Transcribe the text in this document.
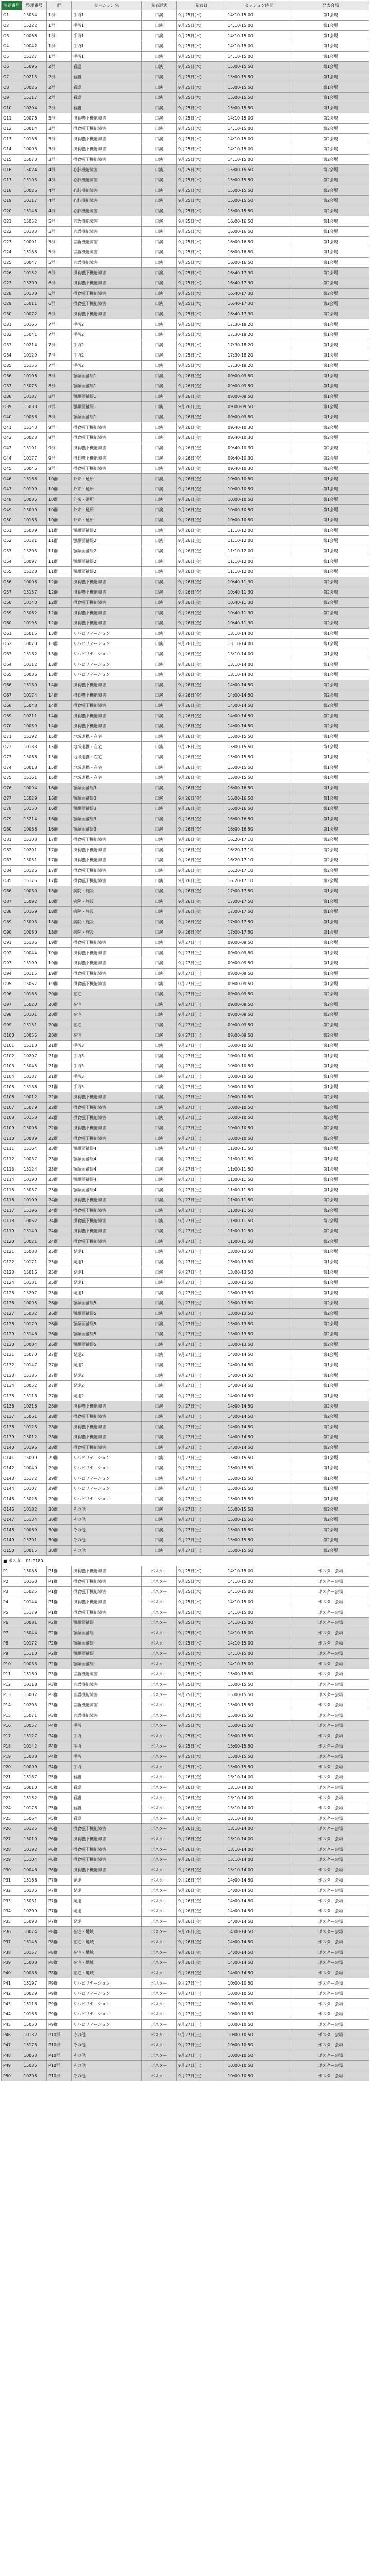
演題番号	整理番号	群	セッション名	発表形式	発表日	セッション時間	発表会場
O1	15054	1群	手術1	口演	9月25日(木)	14:10-15:00	第1会場
O2	15222	1群	手術1	口演	9月25日(木)	14:10-15:00	第1会場
O3	10066	1群	手術1	口演	9月25日(木)	14:10-15:00	第1会場
O4	10042	1群	手術1	口演	9月25日(木)	14:10-15:00	第1会場
O5	15127	1群	手術1	口演	9月25日(木)	14:10-15:00	第1会場
O6	15096	2群	看護	口演	9月25日(木)	15:00-15:50	第1会場
O7	10213	2群	看護	口演	9月25日(木)	15:00-15:50	第1会場
O8	10026	2群	看護	口演	9月25日(木)	15:00-15:50	第1会場
O9	15117	2群	看護	口演	9月25日(木)	15:00-15:50	第1会場
O10	10204	2群	看護	口演	9月25日(木)	15:00-15:50	第1会場
O11	10076	3群	摂食嚥下機能障害	口演	9月25日(木)	14:10-15:00	第2会場
O12	10014	3群	摂食嚥下機能障害	口演	9月25日(木)	14:10-15:00	第2会場
O13	10166	3群	摂食嚥下機能障害	口演	9月25日(木)	14:10-15:00	第2会場
O14	10003	3群	摂食嚥下機能障害	口演	9月25日(木)	14:10-15:00	第2会場
O15	15073	3群	摂食嚥下機能障害	口演	9月25日(木)	14:10-15:00	第2会場
O16	15024	4群	心肺機能障害	口演	9月25日(木)	15:00-15:50	第2会場
O17	15103	4群	心肺機能障害	口演	9月25日(木)	15:00-15:50	第2会場
O18	10026	4群	心肺機能障害	口演	9月25日(木)	15:00-15:50	第2会場
O19	10117	4群	心肺機能障害	口演	9月25日(木)	15:00-15:50	第2会場
O20	15146	4群	心肺機能障害	口演	9月25日(木)	15:00-15:50	第2会場
O21	15052	5群	言語機能障害	口演	9月25日(木)	16:00-16:50	第1会場
O22	10183	5群	言語機能障害	口演	9月25日(木)	16:00-16:50	第1会場
O23	10091	5群	言語機能障害	口演	9月25日(木)	16:00-16:50	第1会場
O24	15188	5群	言語機能障害	口演	9月25日(木)	16:00-16:50	第1会場
O25	10047	5群	言語機能障害	口演	9月25日(木)	16:00-16:50	第1会場
O26	10152	6群	摂食嚥下機能障害	口演	9月25日(木)	16:40-17:30	第2会場
O27	15209	6群	摂食嚥下機能障害	口演	9月25日(木)	16:40-17:30	第2会場
O28	10138	6群	摂食嚥下機能障害	口演	9月25日(木)	16:40-17:30	第2会場
O29	15011	6群	摂食嚥下機能障害	口演	9月25日(木)	16:40-17:30	第2会場
O30	10072	6群	摂食嚥下機能障害	口演	9月25日(木)	16:40-17:30	第2会場
O31	10165	7群	手術2	口演	9月25日(木)	17:30-18:20	第1会場
O32	15041	7群	手術2	口演	9月25日(木)	17:30-18:20	第1会場
O33	10214	7群	手術2	口演	9月25日(木)	17:30-18:20	第1会場
O34	10129	7群	手術2	口演	9月25日(木)	17:30-18:20	第1会場
O35	15155	7群	手術2	口演	9月25日(木)	17:30-18:20	第1会場
O36	10106	8群	顎顔面補綴1	口演	9月26日(金)	09:00-09:50	第1会場
O37	15075	8群	顎顔面補綴1	口演	9月26日(金)	09:00-09:50	第1会場
O38	10187	8群	顎顔面補綴1	口演	9月26日(金)	09:00-09:50	第1会場
O39	15033	8群	顎顔面補綴1	口演	9月26日(金)	09:00-09:50	第1会場
O40	10058	8群	顎顔面補綴1	口演	9月26日(金)	09:00-09:50	第1会場
O41	15143	9群	摂食嚥下機能障害	口演	9月26日(金)	09:40-10:30	第2会場
O42	10023	9群	摂食嚥下機能障害	口演	9月26日(金)	09:40-10:30	第2会場
O43	15101	9群	摂食嚥下機能障害	口演	9月26日(金)	09:40-10:30	第2会場
O44	10177	9群	摂食嚥下機能障害	口演	9月26日(金)	09:40-10:30	第2会場
O45	10046	9群	摂食嚥下機能障害	口演	9月26日(金)	09:40-10:30	第2会場
O46	15168	10群	外来・通所	口演	9月26日(金)	10:00-10:50	第1会場
O47	10199	10群	外来・通所	口演	9月26日(金)	10:00-10:50	第1会場
O48	10085	10群	外来・通所	口演	9月26日(金)	10:00-10:50	第1会場
O49	15009	10群	外来・通所	口演	9月26日(金)	10:00-10:50	第1会場
O50	10163	10群	外来・通所	口演	9月26日(金)	10:00-10:50	第1会場
O51	15039	11群	顎顔面補綴2	口演	9月26日(金)	11:10-12:00	第1会場
O52	10121	11群	顎顔面補綴2	口演	9月26日(金)	11:10-12:00	第1会場
O53	15205	11群	顎顔面補綴2	口演	9月26日(金)	11:10-12:00	第1会場
O54	10097	11群	顎顔面補綴2	口演	9月26日(金)	11:10-12:00	第1会場
O55	15120	11群	顎顔面補綴2	口演	9月26日(金)	11:10-12:00	第1会場
O56	10008	12群	摂食嚥下機能障害	口演	9月26日(金)	10:40-11:30	第2会場
O57	15157	12群	摂食嚥下機能障害	口演	9月26日(金)	10:40-11:30	第2会場
O58	10140	12群	摂食嚥下機能障害	口演	9月26日(金)	10:40-11:30	第2会場
O59	15062	12群	摂食嚥下機能障害	口演	9月26日(金)	10:40-11:30	第2会場
O60	10195	12群	摂食嚥下機能障害	口演	9月26日(金)	10:40-11:30	第2会場
O61	15015	13群	リハビリテーション	口演	9月26日(金)	13:10-14:00	第1会場
O62	10070	13群	リハビリテーション	口演	9月26日(金)	13:10-14:00	第1会場
O63	15182	13群	リハビリテーション	口演	9月26日(金)	13:10-14:00	第1会場
O64	10112	13群	リハビリテーション	口演	9月26日(金)	13:10-14:00	第1会場
O65	10036	13群	リハビリテーション	口演	9月26日(金)	13:10-14:00	第1会場
O66	15130	14群	摂食嚥下機能障害	口演	9月26日(金)	14:00-14:50	第2会場
O67	10174	14群	摂食嚥下機能障害	口演	9月26日(金)	14:00-14:50	第2会場
O68	15048	14群	摂食嚥下機能障害	口演	9月26日(金)	14:00-14:50	第2会場
O69	10211	14群	摂食嚥下機能障害	口演	9月26日(金)	14:00-14:50	第2会場
O70	10059	14群	摂食嚥下機能障害	口演	9月26日(金)	14:00-14:50	第2会場
O71	15192	15群	地域連携・在宅	口演	9月26日(金)	15:00-15:50	第1会場
O72	10133	15群	地域連携・在宅	口演	9月26日(金)	15:00-15:50	第1会場
O73	15086	15群	地域連携・在宅	口演	9月26日(金)	15:00-15:50	第1会場
O74	10018	15群	地域連携・在宅	口演	9月26日(金)	15:00-15:50	第1会場
O75	15161	15群	地域連携・在宅	口演	9月26日(金)	15:00-15:50	第1会場
O76	10094	16群	顎顔面補綴3	口演	9月26日(金)	16:00-16:50	第1会場
O77	15029	16群	顎顔面補綴3	口演	9月26日(金)	16:00-16:50	第1会場
O78	10150	16群	顎顔面補綴3	口演	9月26日(金)	16:00-16:50	第1会場
O79	15214	16群	顎顔面補綴3	口演	9月26日(金)	16:00-16:50	第1会場
O80	10066	16群	顎顔面補綴3	口演	9月26日(金)	16:00-16:50	第1会場
O81	15108	17群	摂食嚥下機能障害	口演	9月26日(金)	16:20-17:10	第2会場
O82	10201	17群	摂食嚥下機能障害	口演	9月26日(金)	16:20-17:10	第2会場
O83	15051	17群	摂食嚥下機能障害	口演	9月26日(金)	16:20-17:10	第2会場
O84	10126	17群	摂食嚥下機能障害	口演	9月26日(金)	16:20-17:10	第2会場
O85	15175	17群	摂食嚥下機能障害	口演	9月26日(金)	16:20-17:10	第2会場
O86	10030	18群	病院・施設	口演	9月26日(金)	17:00-17:50	第1会場
O87	15092	18群	病院・施設	口演	9月26日(金)	17:00-17:50	第1会場
O88	10169	18群	病院・施設	口演	9月26日(金)	17:00-17:50	第1会場
O89	15003	18群	病院・施設	口演	9月26日(金)	17:00-17:50	第1会場
O90	10080	18群	病院・施設	口演	9月26日(金)	17:00-17:50	第1会場
O91	15136	19群	摂食嚥下機能障害	口演	9月27日(土)	09:00-09:50	第1会場
O92	10044	19群	摂食嚥下機能障害	口演	9月27日(土)	09:00-09:50	第1会場
O93	15199	19群	摂食嚥下機能障害	口演	9月27日(土)	09:00-09:50	第1会場
O94	10115	19群	摂食嚥下機能障害	口演	9月27日(土)	09:00-09:50	第1会場
O95	15067	19群	摂食嚥下機能障害	口演	9月27日(土)	09:00-09:50	第1会場
O96	10185	20群	在宅	口演	9月27日(土)	09:00-09:50	第2会場
O97	15020	20群	在宅	口演	9月27日(土)	09:00-09:50	第2会場
O98	10101	20群	在宅	口演	9月27日(土)	09:00-09:50	第2会場
O99	15151	20群	在宅	口演	9月27日(土)	09:00-09:50	第2会場
O100	10055	20群	在宅	口演	9月27日(土)	09:00-09:50	第2会場
O101	15113	21群	手術3	口演	9月27日(土)	10:00-10:50	第1会場
O102	10207	21群	手術3	口演	9月27日(土)	10:00-10:50	第1会場
O103	15045	21群	手術3	口演	9月27日(土)	10:00-10:50	第1会場
O104	10137	21群	手術3	口演	9月27日(土)	10:00-10:50	第1会場
O105	15188	21群	手術3	口演	9月27日(土)	10:00-10:50	第1会場
O106	10012	22群	摂食嚥下機能障害	口演	9月27日(土)	10:00-10:50	第2会場
O107	15079	22群	摂食嚥下機能障害	口演	9月27日(土)	10:00-10:50	第2会場
O108	10158	22群	摂食嚥下機能障害	口演	9月27日(土)	10:00-10:50	第2会場
O109	15006	22群	摂食嚥下機能障害	口演	9月27日(土)	10:00-10:50	第2会場
O110	10089	22群	摂食嚥下機能障害	口演	9月27日(土)	10:00-10:50	第2会場
O111	15164	23群	顎顔面補綴4	口演	9月27日(土)	11:00-11:50	第1会場
O112	10037	23群	顎顔面補綴4	口演	9月27日(土)	11:00-11:50	第1会場
O113	15124	23群	顎顔面補綴4	口演	9月27日(土)	11:00-11:50	第1会場
O114	10190	23群	顎顔面補綴4	口演	9月27日(土)	11:00-11:50	第1会場
O115	15057	23群	顎顔面補綴4	口演	9月27日(土)	11:00-11:50	第1会場
O116	10109	24群	摂食嚥下機能障害	口演	9月27日(土)	11:00-11:50	第2会場
O117	15196	24群	摂食嚥下機能障害	口演	9月27日(土)	11:00-11:50	第2会場
O118	10062	24群	摂食嚥下機能障害	口演	9月27日(土)	11:00-11:50	第2会場
O119	15140	24群	摂食嚥下機能障害	口演	9月27日(土)	11:00-11:50	第2会場
O120	10021	24群	摂食嚥下機能障害	口演	9月27日(土)	11:00-11:50	第2会場
O121	15083	25群	発達1	口演	9月27日(土)	13:00-13:50	第1会場
O122	10171	25群	発達1	口演	9月27日(土)	13:00-13:50	第1会場
O123	15016	25群	発達1	口演	9月27日(土)	13:00-13:50	第1会場
O124	10131	25群	発達1	口演	9月27日(土)	13:00-13:50	第1会場
O125	15207	25群	発達1	口演	9月27日(土)	13:00-13:50	第1会場
O126	10095	26群	顎顔面補綴5	口演	9月27日(土)	13:00-13:50	第2会場
O127	15032	26群	顎顔面補綴5	口演	9月27日(土)	13:00-13:50	第2会場
O128	10179	26群	顎顔面補綴5	口演	9月27日(土)	13:00-13:50	第2会場
O129	15148	26群	顎顔面補綴5	口演	9月27日(土)	13:00-13:50	第2会場
O130	10004	26群	顎顔面補綴5	口演	9月27日(土)	13:00-13:50	第2会場
O131	15070	27群	発達2	口演	9月27日(土)	14:00-14:50	第1会場
O132	10147	27群	発達2	口演	9月27日(土)	14:00-14:50	第1会場
O133	15185	27群	発達2	口演	9月27日(土)	14:00-14:50	第1会場
O134	10052	27群	発達2	口演	9月27日(土)	14:00-14:50	第1会場
O135	15118	27群	発達2	口演	9月27日(土)	14:00-14:50	第1会場
O136	10216	28群	摂食嚥下機能障害	口演	9月27日(土)	14:00-14:50	第2会場
O137	15061	28群	摂食嚥下機能障害	口演	9月27日(土)	14:00-14:50	第2会場
O138	10123	28群	摂食嚥下機能障害	口演	9月27日(土)	14:00-14:50	第2会場
O139	15012	28群	摂食嚥下機能障害	口演	9月27日(土)	14:00-14:50	第2会場
O140	10196	28群	摂食嚥下機能障害	口演	9月27日(土)	14:00-14:50	第2会場
O141	15099	29群	リハビリテーション	口演	9月27日(土)	15:00-15:50	第1会場
O142	10040	29群	リハビリテーション	口演	9月27日(土)	15:00-15:50	第1会場
O143	15172	29群	リハビリテーション	口演	9月27日(土)	15:00-15:50	第1会場
O144	10107	29群	リハビリテーション	口演	9月27日(土)	15:00-15:50	第1会場
O145	15026	29群	リハビリテーション	口演	9月27日(土)	15:00-15:50	第1会場
O146	10182	30群	その他	口演	9月27日(土)	15:00-15:50	第2会場
O147	15134	30群	その他	口演	9月27日(土)	15:00-15:50	第2会場
O148	10069	30群	その他	口演	9月27日(土)	15:00-15:50	第2会場
O149	15201	30群	その他	口演	9月27日(土)	15:00-15:50	第2会場
O150	10015	30群	その他	口演	9月27日(土)	15:00-15:50	第2会場
■ ポスター P1-P180							
P1	15088	P1群	摂食嚥下機能障害	ポスター	9月25日(木)	14:10-15:00	ポスター会場
P2	10160	P1群	摂食嚥下機能障害	ポスター	9月25日(木)	14:10-15:00	ポスター会場
P3	15025	P1群	摂食嚥下機能障害	ポスター	9月25日(木)	14:10-15:00	ポスター会場
P4	10144	P1群	摂食嚥下機能障害	ポスター	9月25日(木)	14:10-15:00	ポスター会場
P5	15179	P1群	摂食嚥下機能障害	ポスター	9月25日(木)	14:10-15:00	ポスター会場
P6	10081	P2群	顎顔面補綴	ポスター	9月25日(木)	14:10-15:00	ポスター会場
P7	15044	P2群	顎顔面補綴	ポスター	9月25日(木)	14:10-15:00	ポスター会場
P8	10172	P2群	顎顔面補綴	ポスター	9月25日(木)	14:10-15:00	ポスター会場
P9	15110	P2群	顎顔面補綴	ポスター	9月25日(木)	14:10-15:00	ポスター会場
P10	10033	P2群	顎顔面補綴	ポスター	9月25日(木)	14:10-15:00	ポスター会場
P11	15160	P3群	言語機能障害	ポスター	9月25日(木)	15:00-15:50	ポスター会場
P12	10118	P3群	言語機能障害	ポスター	9月25日(木)	15:00-15:50	ポスター会場
P13	15002	P3群	言語機能障害	ポスター	9月25日(木)	15:00-15:50	ポスター会場
P14	10203	P3群	言語機能障害	ポスター	9月25日(木)	15:00-15:50	ポスター会場
P15	15071	P3群	言語機能障害	ポスター	9月25日(木)	15:00-15:50	ポスター会場
P16	10057	P4群	手術	ポスター	9月25日(木)	15:00-15:50	ポスター会場
P17	15127	P4群	手術	ポスター	9月25日(木)	15:00-15:50	ポスター会場
P18	10142	P4群	手術	ポスター	9月25日(木)	15:00-15:50	ポスター会場
P19	15038	P4群	手術	ポスター	9月25日(木)	15:00-15:50	ポスター会場
P20	10099	P4群	手術	ポスター	9月25日(木)	15:00-15:50	ポスター会場
P21	15187	P5群	看護	ポスター	9月26日(金)	13:10-14:00	ポスター会場
P22	10010	P5群	看護	ポスター	9月26日(金)	13:10-14:00	ポスター会場
P23	15152	P5群	看護	ポスター	9月26日(金)	13:10-14:00	ポスター会場
P24	10178	P5群	看護	ポスター	9月26日(金)	13:10-14:00	ポスター会場
P25	15064	P5群	看護	ポスター	9月26日(金)	13:10-14:00	ポスター会場
P26	10125	P6群	摂食嚥下機能障害	ポスター	9月26日(金)	13:10-14:00	ポスター会場
P27	15019	P6群	摂食嚥下機能障害	ポスター	9月26日(金)	13:10-14:00	ポスター会場
P28	10192	P6群	摂食嚥下機能障害	ポスター	9月26日(金)	13:10-14:00	ポスター会場
P29	15104	P6群	摂食嚥下機能障害	ポスター	9月26日(金)	13:10-14:00	ポスター会場
P30	10048	P6群	摂食嚥下機能障害	ポスター	9月26日(金)	13:10-14:00	ポスター会場
P31	15166	P7群	発達	ポスター	9月26日(金)	14:00-14:50	ポスター会場
P32	10135	P7群	発達	ポスター	9月26日(金)	14:00-14:50	ポスター会場
P33	15031	P7群	発達	ポスター	9月26日(金)	14:00-14:50	ポスター会場
P34	10209	P7群	発達	ポスター	9月26日(金)	14:00-14:50	ポスター会場
P35	15093	P7群	発達	ポスター	9月26日(金)	14:00-14:50	ポスター会場
P36	10074	P8群	在宅・地域	ポスター	9月26日(金)	14:00-14:50	ポスター会場
P37	15145	P8群	在宅・地域	ポスター	9月26日(金)	14:00-14:50	ポスター会場
P38	10157	P8群	在宅・地域	ポスター	9月26日(金)	14:00-14:50	ポスター会場
P39	15008	P8群	在宅・地域	ポスター	9月26日(金)	14:00-14:50	ポスター会場
P40	10088	P8群	在宅・地域	ポスター	9月26日(金)	14:00-14:50	ポスター会場
P41	15197	P9群	リハビリテーション	ポスター	9月27日(土)	10:00-10:50	ポスター会場
P42	10029	P9群	リハビリテーション	ポスター	9月27日(土)	10:00-10:50	ポスター会場
P43	15116	P9群	リハビリテーション	ポスター	9月27日(土)	10:00-10:50	ポスター会場
P44	10168	P9群	リハビリテーション	ポスター	9月27日(土)	10:00-10:50	ポスター会場
P45	15050	P9群	リハビリテーション	ポスター	9月27日(土)	10:00-10:50	ポスター会場
P46	10132	P10群	その他	ポスター	9月27日(土)	10:00-10:50	ポスター会場
P47	15178	P10群	その他	ポスター	9月27日(土)	10:00-10:50	ポスター会場
P48	10063	P10群	その他	ポスター	9月27日(土)	10:00-10:50	ポスター会場
P49	15035	P10群	その他	ポスター	9月27日(土)	10:00-10:50	ポスター会場
P50	10206	P10群	その他	ポスター	9月27日(土)	10:00-10:50	ポスター会場
